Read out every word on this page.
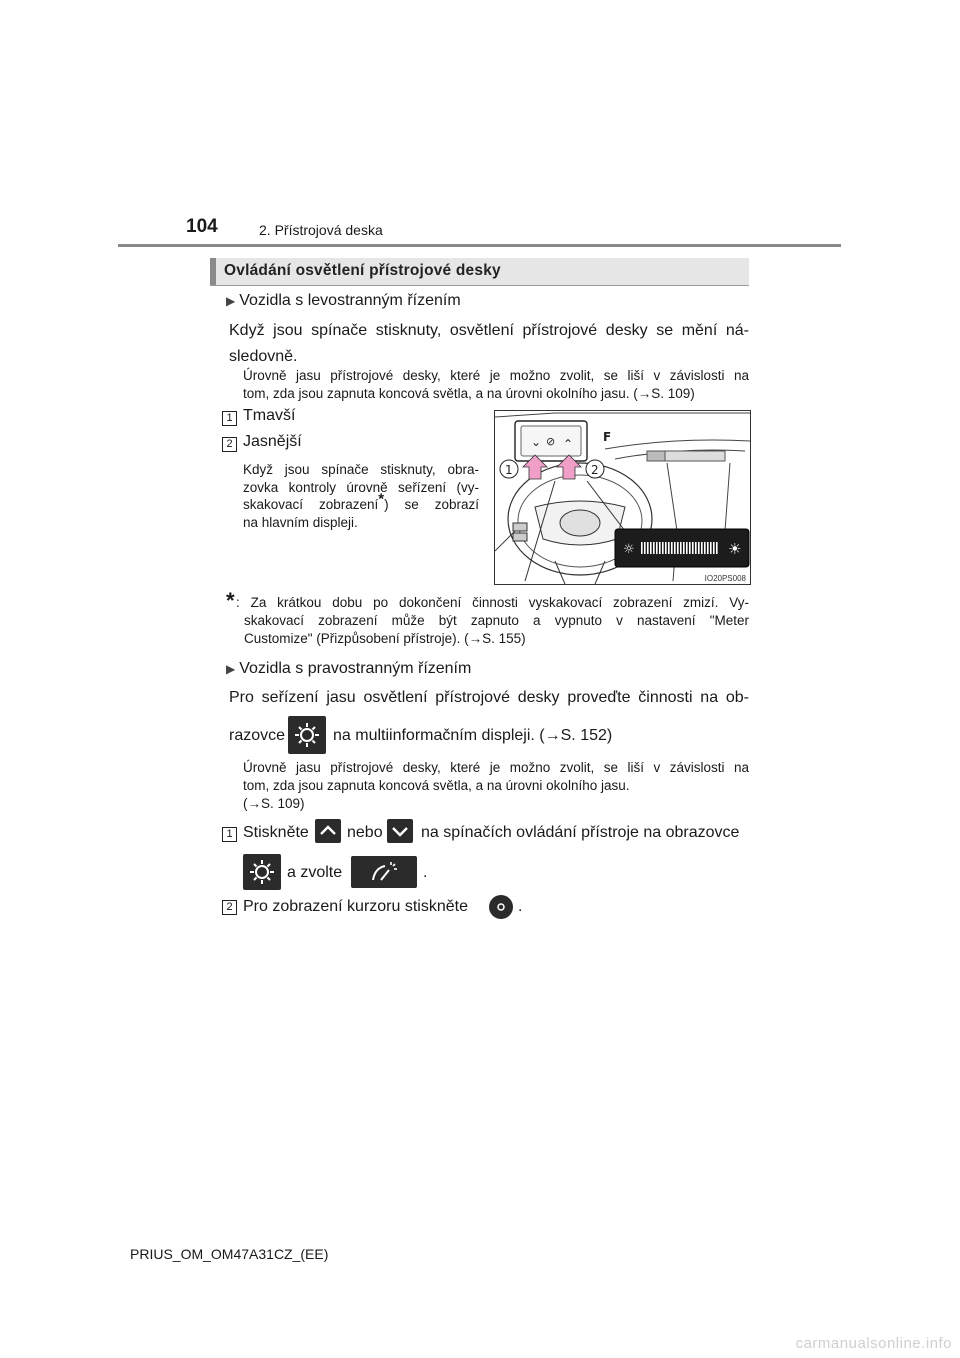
104	2. Přístrojová deska
Ovládání osvětlení přístrojové desky
▶ Vozidla s levostranným řízením
Když jsou spínače stisknuty, osvětlení přístrojové desky se mění ná-
sledovně.
Úrovně jasu přístrojové desky, které je možno zvolit, se liší v závislosti na
tom, zda jsou zapnuta koncová světla, a na úrovni okolního jasu. (→S. 109)
1 Tmavší
2 Jasnější
Když jsou spínače stisknuty, obra-
zovka kontroly úrovně seřízení (vy-
skakovací zobrazení*) se zobrazí
na hlavním displeji.
⌄ ⊘ ⌃ F
1	2
☼	☀
IO20PS008
* : Za krátkou dobu po dokončení činnosti vyskakovací zobrazení zmizí. Vy-
skakovací zobrazení může být zapnuto a vypnuto v nastavení "Meter
Customize" (Přizpůsobení přístroje). (→S. 155)
▶ Vozidla s pravostranným řízením
Pro seřízení jasu osvětlení přístrojové desky proveďte činnosti na ob-
razovce	na multiinformačním displeji. (→S. 152)
Úrovně jasu přístrojové desky, které je možno zvolit, se liší v závislosti na
tom, zda jsou zapnuta koncová světla, a na úrovni okolního jasu.
(→S. 109)
1 Stiskněte nebo na spínačích ovládání přístroje na obrazovce
a zvolte	.
2 Pro zobrazení kurzoru stiskněte	.
PRIUS_OM_OM47A31CZ_(EE)
carmanualsonline.info
